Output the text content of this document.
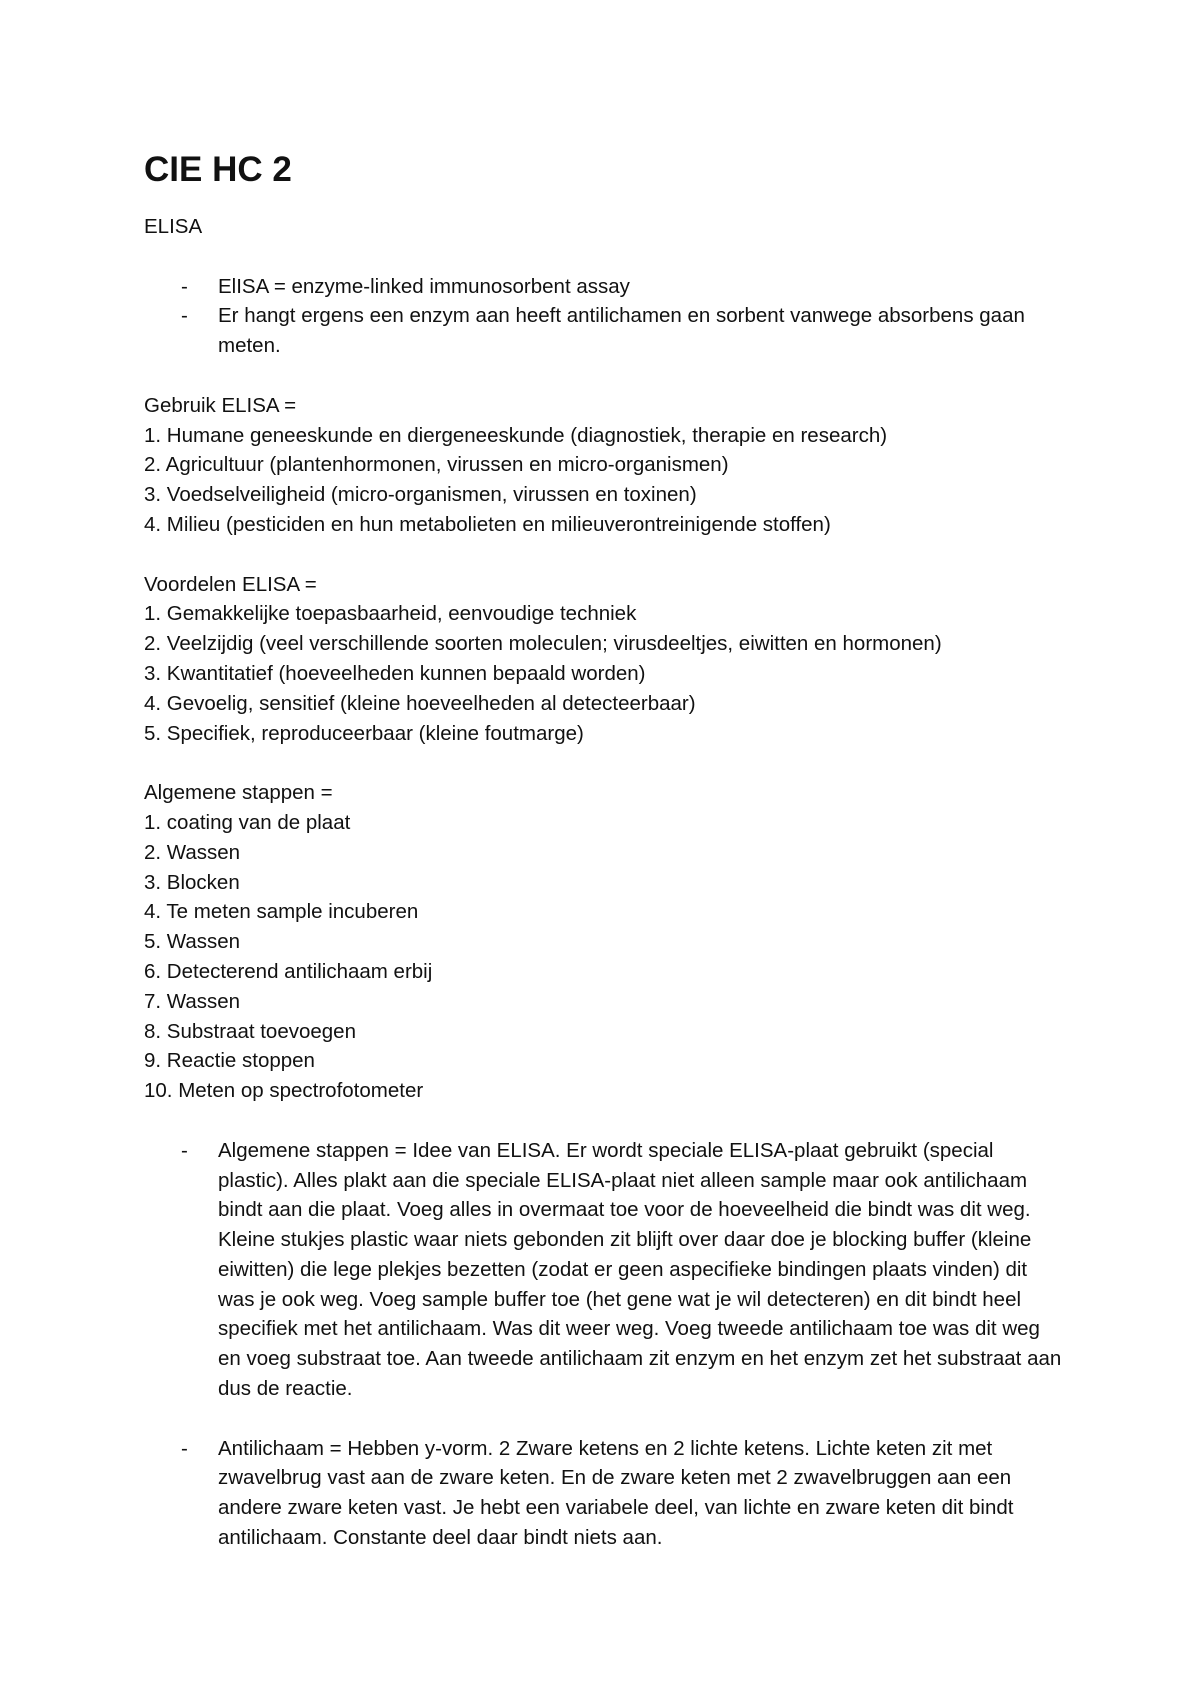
CIE HC 2

ELISA

- ElISA = enzyme-linked immunosorbent assay
- Er hangt ergens een enzym aan heeft antilichamen en sorbent vanwege absorbens gaan meten.

Gebruik ELISA =

1. Humane geneeskunde en diergeneeskunde (diagnostiek, therapie en research)
2. Agricultuur (plantenhormonen, virussen en micro-organismen)
3. Voedselveiligheid (micro-organismen, virussen en toxinen)
4. Milieu (pesticiden en hun metabolieten en milieuverontreinigende stoffen)

Voordelen ELISA =

1. Gemakkelijke toepasbaarheid, eenvoudige techniek
2. Veelzijdig (veel verschillende soorten moleculen; virusdeeltjes, eiwitten en hormonen)
3. Kwantitatief (hoeveelheden kunnen bepaald worden)
4. Gevoelig, sensitief (kleine hoeveelheden al detecteerbaar)
5. Specifiek, reproduceerbaar (kleine foutmarge)

Algemene stappen =

1. coating van de plaat
2. Wassen
3. Blocken
4. Te meten sample incuberen
5. Wassen
6. Detecterend antilichaam erbij
7. Wassen
8. Substraat toevoegen
9. Reactie stoppen
10. Meten op spectrofotometer
- Algemene stappen = Idee van ELISA. Er wordt speciale ELISA-plaat gebruikt (special plastic). Alles plakt aan die speciale ELISA-plaat niet alleen sample maar ook antilichaam bindt aan die plaat. Voeg alles in overmaat toe voor de hoeveelheid die bindt was dit weg. Kleine stukjes plastic waar niets gebonden zit blijft over daar doe je blocking buffer (kleine eiwitten) die lege plekjes bezetten (zodat er geen aspecifieke bindingen plaats vinden) dit was je ook weg. Voeg sample buffer toe (het gene wat je wil detecteren) en dit bindt heel specifiek met het antilichaam. Was dit weer weg. Voeg tweede antilichaam toe was dit weg en voeg substraat toe. Aan tweede antilichaam zit enzym en het enzym zet het substraat aan dus de reactie.
- Antilichaam = Hebben y-vorm. 2 Zware ketens en 2 lichte ketens. Lichte keten zit met zwavelbrug vast aan de zware keten. En de zware keten met 2 zwavelbruggen aan een andere zware keten vast. Je hebt een variabele deel, van lichte en zware keten dit bindt antilichaam. Constante deel daar bindt niets aan.
